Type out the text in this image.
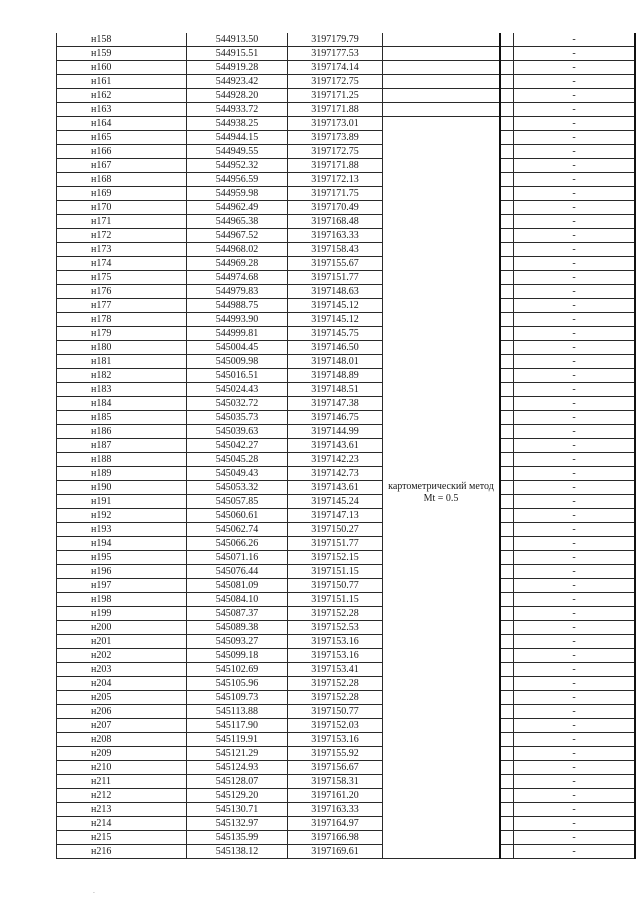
н158	544913.50	3197179.79			-
н159	544915.51	3197177.53			-
н160	544919.28	3197174.14			-
н161	544923.42	3197172.75			-
н162	544928.20	3197171.25			-
н163	544933.72	3197171.88			-
н164	544938.25	3197173.01	картометрический метод Mt = 0.5		-
н165	544944.15	3197173.89			-
н166	544949.55	3197172.75			-
н167	544952.32	3197171.88			-
н168	544956.59	3197172.13			-
н169	544959.98	3197171.75			-
н170	544962.49	3197170.49			-
н171	544965.38	3197168.48			-
н172	544967.52	3197163.33			-
н173	544968.02	3197158.43			-
н174	544969.28	3197155.67			-
н175	544974.68	3197151.77			-
н176	544979.83	3197148.63			-
н177	544988.75	3197145.12			-
н178	544993.90	3197145.12			-
н179	544999.81	3197145.75			-
н180	545004.45	3197146.50			-
н181	545009.98	3197148.01			-
н182	545016.51	3197148.89			-
н183	545024.43	3197148.51			-
н184	545032.72	3197147.38			-
н185	545035.73	3197146.75			-
н186	545039.63	3197144.99			-
н187	545042.27	3197143.61			-
н188	545045.28	3197142.23			-
н189	545049.43	3197142.73			-
н190	545053.32	3197143.61			-
н191	545057.85	3197145.24			-
н192	545060.61	3197147.13			-
н193	545062.74	3197150.27			-
н194	545066.26	3197151.77			-
н195	545071.16	3197152.15			-
н196	545076.44	3197151.15			-
н197	545081.09	3197150.77			-
н198	545084.10	3197151.15			-
н199	545087.37	3197152.28			-
н200	545089.38	3197152.53			-
н201	545093.27	3197153.16			-
н202	545099.18	3197153.16			-
н203	545102.69	3197153.41			-
н204	545105.96	3197152.28			-
н205	545109.73	3197152.28			-
н206	545113.88	3197150.77			-
н207	545117.90	3197152.03			-
н208	545119.91	3197153.16			-
н209	545121.29	3197155.92			-
н210	545124.93	3197156.67			-
н211	545128.07	3197158.31			-
н212	545129.20	3197161.20			-
н213	545130.71	3197163.33			-
н214	545132.97	3197164.97			-
н215	545135.99	3197166.98			-
н216	545138.12	3197169.61			-
·
